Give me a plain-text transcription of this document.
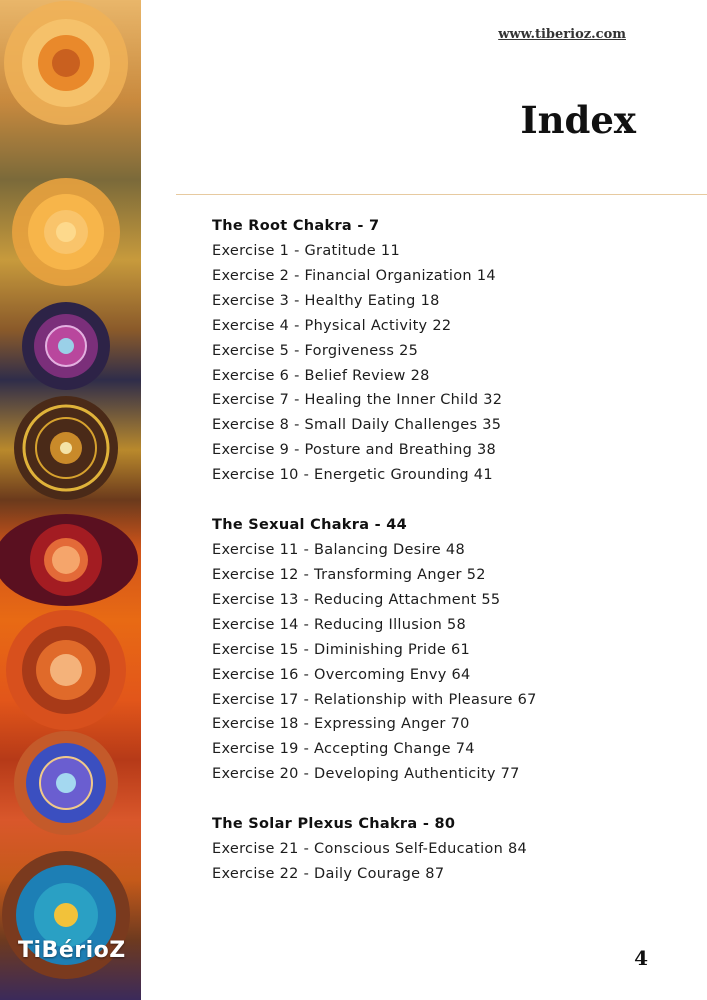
TiBérioZ
www.tiberioz.com
Index
The Root Chakra - 7
Exercise 1 - Gratitude 11
Exercise 2 - Financial Organization 14
Exercise 3 - Healthy Eating 18
Exercise 4 - Physical Activity 22
Exercise 5 - Forgiveness 25
Exercise 6 - Belief Review 28
Exercise 7 - Healing the Inner Child 32
Exercise 8 - Small Daily Challenges 35
Exercise 9 - Posture and Breathing 38
Exercise 10 - Energetic Grounding 41
The Sexual Chakra - 44
Exercise 11 - Balancing Desire 48
Exercise 12 - Transforming Anger 52
Exercise 13 - Reducing Attachment 55
Exercise 14 - Reducing Illusion 58
Exercise 15 - Diminishing Pride 61
Exercise 16 - Overcoming Envy 64
Exercise 17 - Relationship with Pleasure 67
Exercise 18 - Expressing Anger 70
Exercise 19 - Accepting Change 74
Exercise 20 - Developing Authenticity 77
The Solar Plexus Chakra - 80
Exercise 21 - Conscious Self-Education 84
Exercise 22 - Daily Courage 87
4
